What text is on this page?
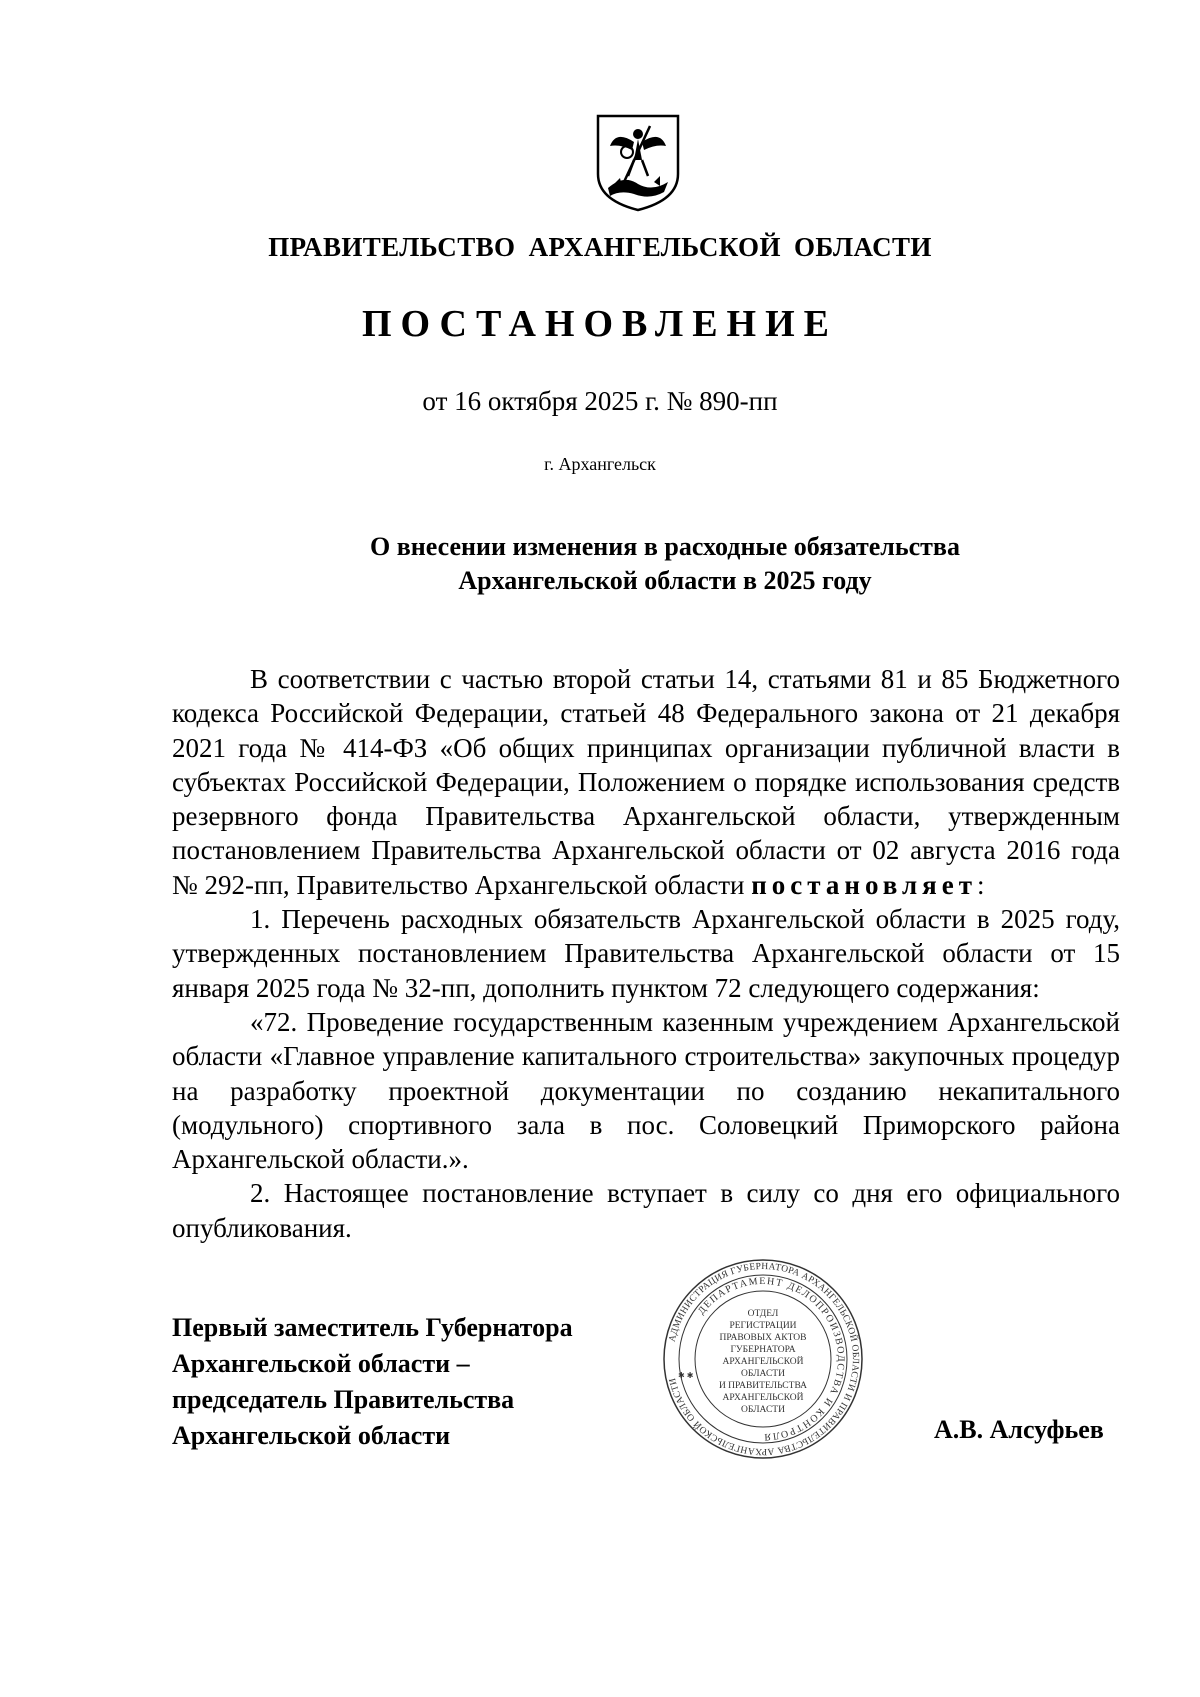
ПРАВИТЕЛЬСТВО АРХАНГЕЛЬСКОЙ ОБЛАСТИ
ПОСТАНОВЛЕНИЕ
от 16 октября 2025 г. № 890-пп
г. Архангельск
О внесении изменения в расходные обязательства
Архангельской области в 2025 году

В соответствии с частью второй статьи 14, статьями 81 и 85 Бюджетного кодекса Российской Федерации, статьей 48 Федерального закона от 21 декабря 2021 года № 414-ФЗ «Об общих принципах организации публичной власти в субъектах Российской Федерации, Положением о порядке использования средств резервного фонда Правительства Архангельской области, утвержденным постановлением Правительства Архангельской области от 02 августа 2016 года № 292-пп, Правительство Архангельской области постановляет:

1. Перечень расходных обязательств Архангельской области в 2025 году, утвержденных постановлением Правительства Архангельской области от 15 января 2025 года № 32-пп, дополнить пунктом 72 следующего содержания:

«72. Проведение государственным казенным учреждением Архангельской области «Главное управление капитального строительства» закупочных процедур на разработку проектной документации по созданию некапитального (модульного) спортивного зала в пос. Соловецкий Приморского района Архангельской области.».

2. Настоящее постановление вступает в силу со дня его официального опубликования.

Первый заместитель Губернатора
Архангельской области –
председатель Правительства
Архангельской области
АДМИНИСТРАЦИЯ ГУБЕРНАТОРА АРХАНГЕЛЬСКОЙ ОБЛАСТИ И ПРАВИТЕЛЬСТВА АРХАНГЕЛЬСКОЙ ОБЛАСТИ
ДЕПАРТАМЕНТ ДЕЛОПРОИЗВОДСТВА И КОНТРОЛЯ
ОТДЕЛ
РЕГИСТРАЦИИ
ПРАВОВЫХ АКТОВ
ГУБЕРНАТОРА
АРХАНГЕЛЬСКОЙ
ОБЛАСТИ
И ПРАВИТЕЛЬСТВА
АРХАНГЕЛЬСКОЙ
ОБЛАСТИ
✱ ✱
А.В. Алсуфьев
